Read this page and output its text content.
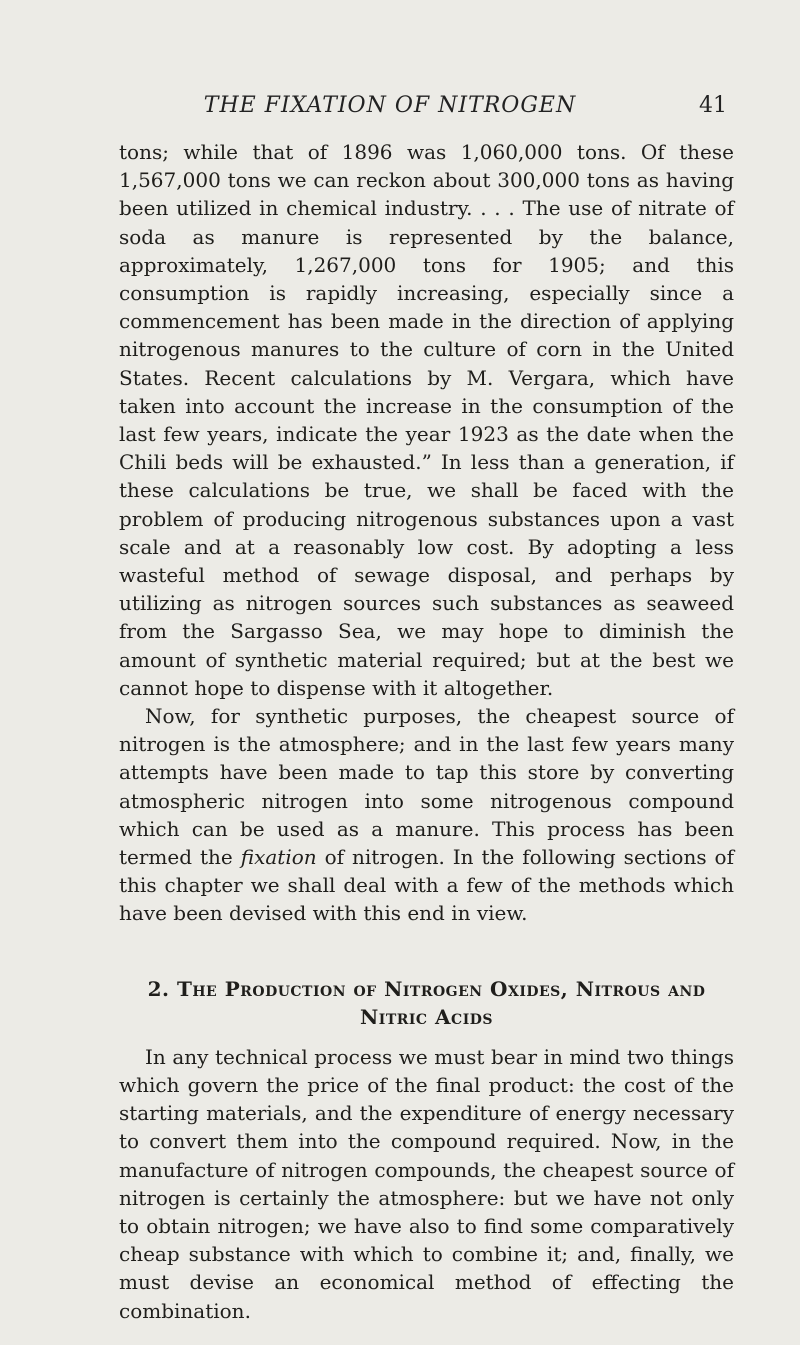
THE FIXATION OF NITROGEN	41

tons; while that of 1896 was 1,060,000 tons. Of these 1,567,000 tons we can reckon about 300,000 tons as having been utilized in chemical industry. . . . The use of nitrate of soda as manure is represented by the balance, approximately, 1,267,000 tons for 1905; and this consumption is rapidly increasing, especially since a commencement has been made in the direction of applying nitrogenous manures to the culture of corn in the United States. Recent calculations by M. Vergara, which have taken into account the increase in the consumption of the last few years, indicate the year 1923 as the date when the Chili beds will be exhausted.” In less than a generation, if these calculations be true, we shall be faced with the problem of producing nitrogenous substances upon a vast scale and at a reasonably low cost. By adopting a less wasteful method of sewage disposal, and perhaps by utilizing as nitrogen sources such substances as seaweed from the Sargasso Sea, we may hope to diminish the amount of synthetic material required; but at the best we cannot hope to dispense with it altogether.

Now, for synthetic purposes, the cheapest source of nitrogen is the atmosphere; and in the last few years many attempts have been made to tap this store by converting atmospheric nitrogen into some nitrogenous compound which can be used as a manure. This process has been termed the fixation of nitrogen. In the following sections of this chapter we shall deal with a few of the methods which have been devised with this end in view.

2. The Production of Nitrogen Oxides, Nitrous and Nitric Acids

In any technical process we must bear in mind two things which govern the price of the final product: the cost of the starting materials, and the expenditure of energy necessary to convert them into the compound required. Now, in the manufacture of nitrogen compounds, the cheapest source of nitrogen is certainly the atmosphere: but we have not only to obtain nitrogen; we have also to find some comparatively cheap substance with which to combine it; and, finally, we must devise an economical method of effecting the combination.
